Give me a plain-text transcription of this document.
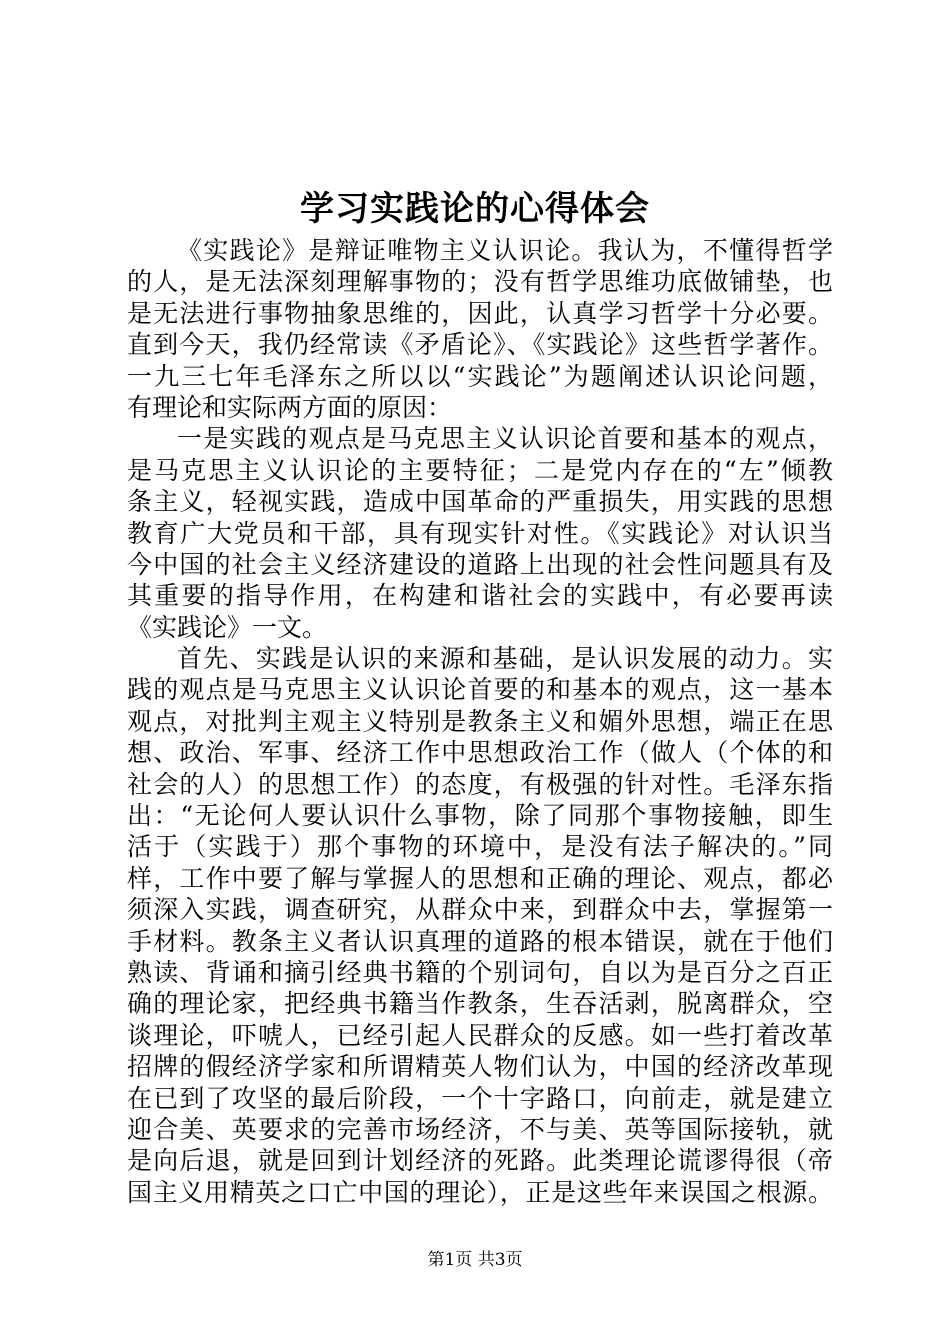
学习实践论的心得体会
《实践论》是辩证唯物主义认识论。我认为，不懂得哲学
的人，是无法深刻理解事物的；没有哲学思维功底做铺垫，也
是无法进行事物抽象思维的，因此，认真学习哲学十分必要。
直到今天，我仍经常读《矛盾论》、《实践论》这些哲学著作。
一九三七年毛泽东之所以以“实践论”为题阐述认识论问题，
有理论和实际两方面的原因：
一是实践的观点是马克思主义认识论首要和基本的观点，
是马克思主义认识论的主要特征；二是党内存在的“左”倾教
条主义，轻视实践，造成中国革命的严重损失，用实践的思想
教育广大党员和干部，具有现实针对性。《实践论》对认识当
今中国的社会主义经济建设的道路上出现的社会性问题具有及
其重要的指导作用，在构建和谐社会的实践中，有必要再读
《实践论》一文。
首先、实践是认识的来源和基础，是认识发展的动力。实
践的观点是马克思主义认识论首要的和基本的观点，这一基本
观点，对批判主观主义特别是教条主义和媚外思想，端正在思
想、政治、军事、经济工作中思想政治工作（做人（个体的和
社会的人）的思想工作）的态度，有极强的针对性。毛泽东指
出：“无论何人要认识什么事物，除了同那个事物接触，即生
活于（实践于）那个事物的环境中，是没有法子解决的。”同
样，工作中要了解与掌握人的思想和正确的理论、观点，都必
须深入实践，调查研究，从群众中来，到群众中去，掌握第一
手材料。教条主义者认识真理的道路的根本错误，就在于他们
熟读、背诵和摘引经典书籍的个别词句，自以为是百分之百正
确的理论家，把经典书籍当作教条，生吞活剥，脱离群众，空
谈理论，吓唬人，已经引起人民群众的反感。如一些打着改革
招牌的假经济学家和所谓精英人物们认为，中国的经济改革现
在已到了攻坚的最后阶段，一个十字路口，向前走，就是建立
迎合美、英要求的完善市场经济，不与美、英等国际接轨，就
是向后退，就是回到计划经济的死路。此类理论谎谬得很（帝
国主义用精英之口亡中国的理论），正是这些年来误国之根源。
第1页 共3页
